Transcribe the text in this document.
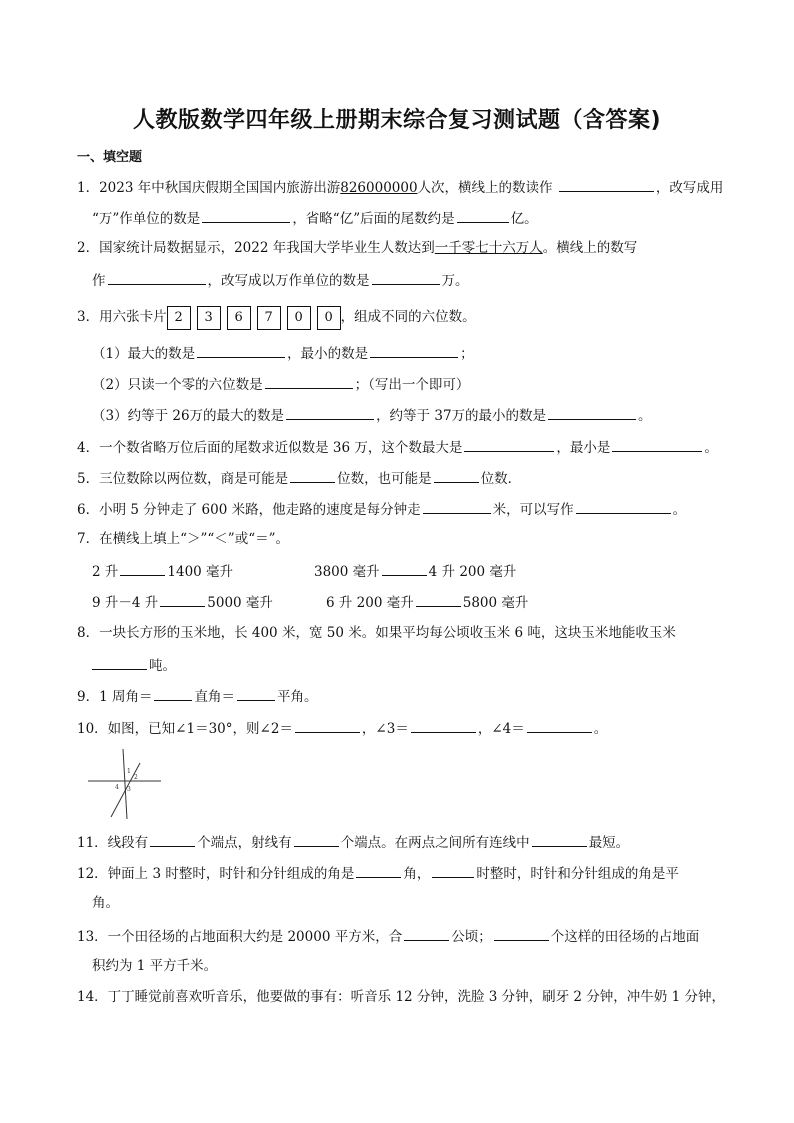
人教版数学四年级上册期末综合复习测试题（含答案)
一、填空题
1．2023 年中秋国庆假期全国国内旅游出游826000000人次，横线上的数读作	，改写成用
“万”作单位的数是	，省略“亿”后面的尾数约是	亿。
2．国家统计局数据显示，2022 年我国大学毕业生人数达到一千零七十六万人。横线上的数写
作	，改写成以万作单位的数是	万。
3．用六张卡片 2 3 6 7 0 0 ，组成不同的六位数。
（1）最大的数是	，最小的数是	；
（2）只读一个零的六位数是	；（写出一个即可）
（3）约等于 26万的最大的数是	，约等于 37万的最小的数是	。
4．一个数省略万位后面的尾数求近似数是 36 万，这个数最大是	，最小是	。
5．三位数除以两位数，商是可能是	位数，也可能是	位数．
6．小明 5 分钟走了 600 米路，他走路的速度是每分钟走	米，可以写作	。
7．在横线上填上“＞”“＜”或“＝”。
2 升	1400 毫升	3800 毫升	4 升 200 毫升
9 升－4 升	5000 毫升	6 升 200 毫升	5800 毫升
8．一块长方形的玉米地，长 400 米，宽 50 米。如果平均每公顷收玉米 6 吨，这块玉米地能收玉米
吨。
9．1 周角＝	直角＝	平角。
10．如图，已知∠1＝30°，则∠2＝	，∠3＝	，∠4＝	。
1
2
3
4
11．线段有	个端点，射线有	个端点。在两点之间所有连线中	最短。
12．钟面上 3 时整时，时针和分针组成的角是	角，	时整时，时针和分针组成的角是平
角。
13．一个田径场的占地面积大约是 20000 平方米，合	公顷；	个这样的田径场的占地面
积约为 1 平方千米。
14．丁丁睡觉前喜欢听音乐，他要做的事有：听音乐 12 分钟，洗脸 3 分钟，刷牙 2 分钟，冲牛奶 1 分钟，
